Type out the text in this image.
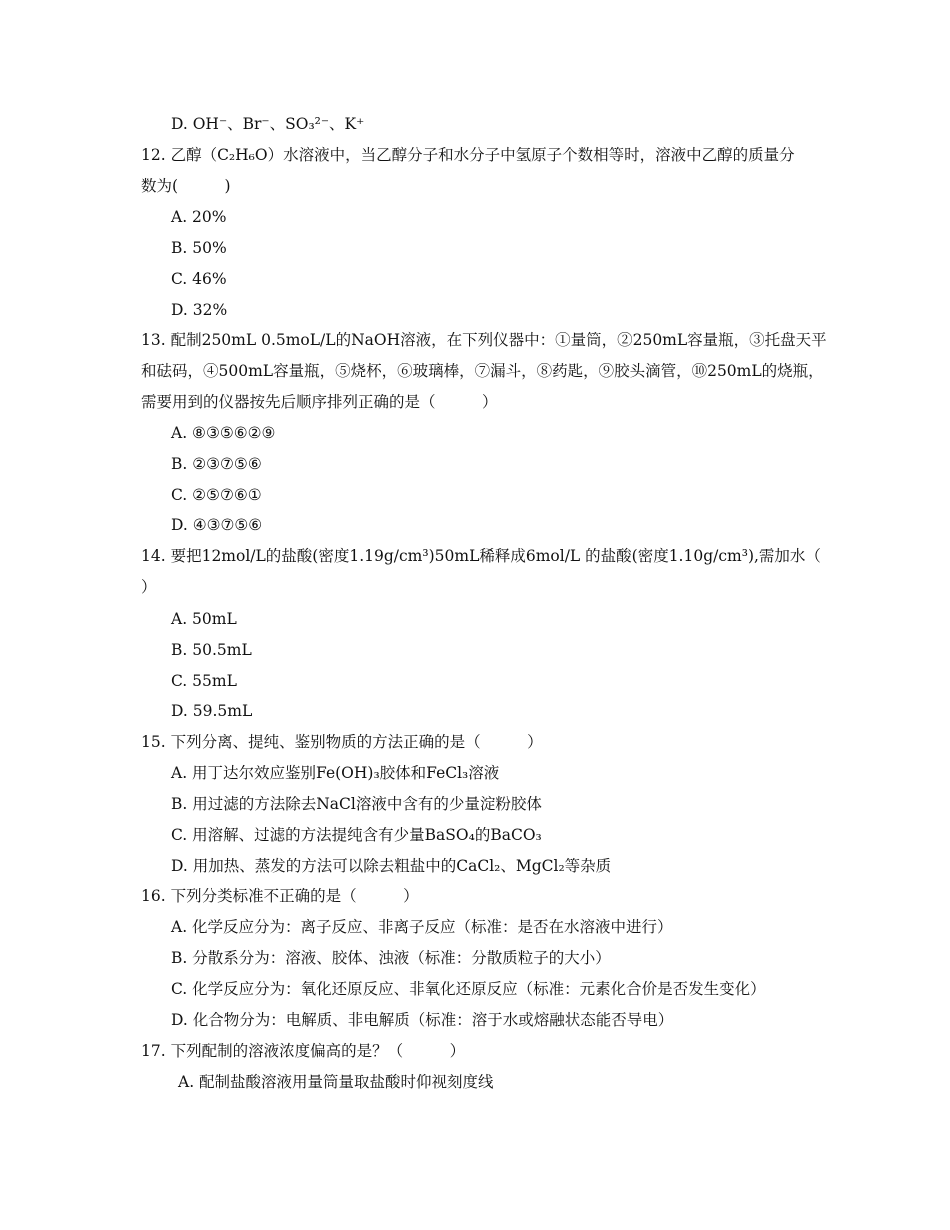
D. OH⁻、Br⁻、SO₃²⁻、K⁺
12. 乙醇（C₂H₆O）水溶液中，当乙醇分子和水分子中氢原子个数相等时，溶液中乙醇的质量分
数为(　　　)
A. 20%
B. 50%
C. 46%
D. 32%
13. 配制250mL 0.5moL/L的NaOH溶液，在下列仪器中：①量筒，②250mL容量瓶，③托盘天平
和砝码，④500mL容量瓶，⑤烧杯，⑥玻璃棒，⑦漏斗，⑧药匙，⑨胶头滴管，⑩250mL的烧瓶，
需要用到的仪器按先后顺序排列正确的是（　　　）
A. ⑧③⑤⑥②⑨
B. ②③⑦⑤⑥
C. ②⑤⑦⑥①
D. ④③⑦⑤⑥
14. 要把12mol/L的盐酸(密度1.19g/cm³)50mL稀释成6mol/L 的盐酸(密度1.10g/cm³),需加水（
）
A. 50mL
B. 50.5mL
C. 55mL
D. 59.5mL
15. 下列分离、提纯、鉴别物质的方法正确的是（　　　）
A. 用丁达尔效应鉴别Fe(OH)₃胶体和FeCl₃溶液
B. 用过滤的方法除去NaCl溶液中含有的少量淀粉胶体
C. 用溶解、过滤的方法提纯含有少量BaSO₄的BaCO₃
D. 用加热、蒸发的方法可以除去粗盐中的CaCl₂、MgCl₂等杂质
16. 下列分类标准不正确的是（　　　）
A. 化学反应分为：离子反应、非离子反应（标准：是否在水溶液中进行）
B. 分散系分为：溶液、胶体、浊液（标准：分散质粒子的大小）
C. 化学反应分为：氧化还原反应、非氧化还原反应（标准：元素化合价是否发生变化）
D. 化合物分为：电解质、非电解质（标准：溶于水或熔融状态能否导电）
17. 下列配制的溶液浓度偏高的是？（　　　）
A. 配制盐酸溶液用量筒量取盐酸时仰视刻度线
